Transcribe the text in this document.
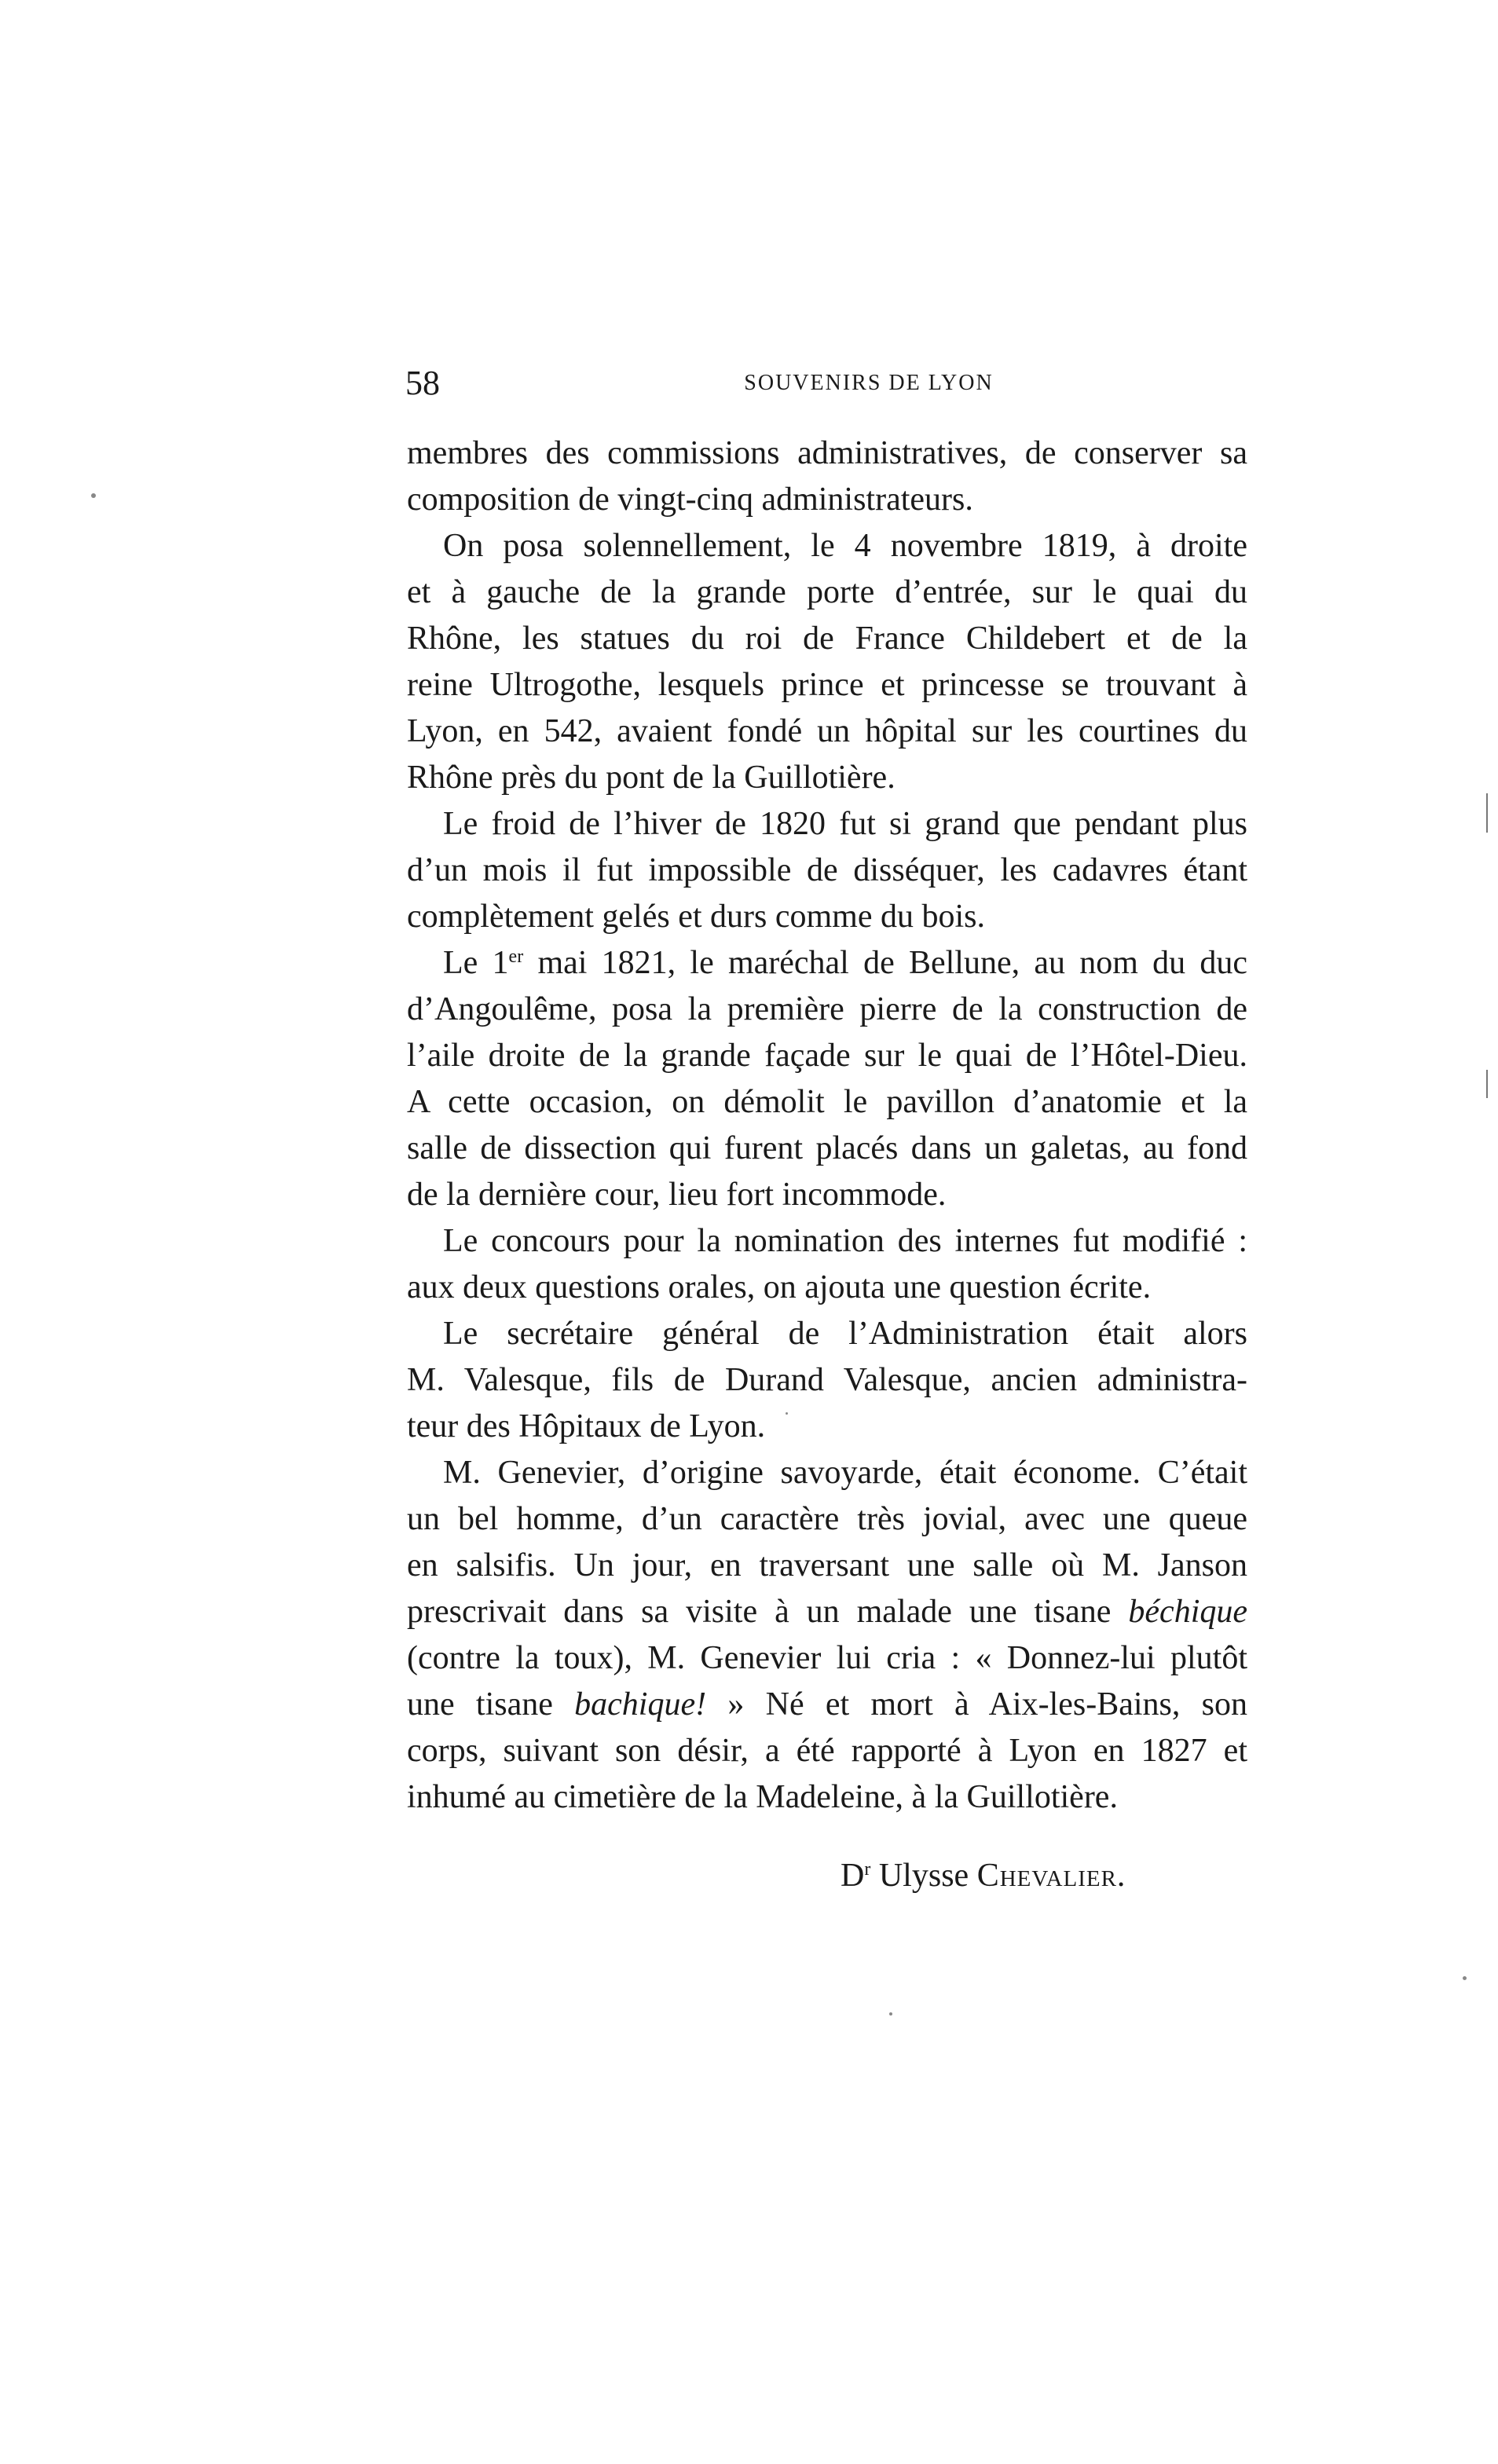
58	SOUVENIRS DE LYON
membres des commissions administratives, de conserver sa
composition de vingt-cinq administrateurs.
On posa solennellement, le 4 novembre 1819, à droite
et à gauche de la grande porte d’entrée, sur le quai du
Rhône, les statues du roi de France Childebert et de la
reine Ultrogothe, lesquels prince et princesse se trouvant à
Lyon, en 542, avaient fondé un hôpital sur les courtines du
Rhône près du pont de la Guillotière.
Le froid de l’hiver de 1820 fut si grand que pendant plus
d’un mois il fut impossible de disséquer, les cadavres étant
complètement gelés et durs comme du bois.
Le 1er mai 1821, le maréchal de Bellune, au nom du duc
d’Angoulême, posa la première pierre de la construction de
l’aile droite de la grande façade sur le quai de l’Hôtel-Dieu.
A cette occasion, on démolit le pavillon d’anatomie et la
salle de dissection qui furent placés dans un galetas, au fond
de la dernière cour, lieu fort incommode.
Le concours pour la nomination des internes fut modifié :
aux deux questions orales, on ajouta une question écrite.
Le secrétaire général de l’Administration était alors
M. Valesque, fils de Durand Valesque, ancien administra-
teur des Hôpitaux de Lyon.
M. Genevier, d’origine savoyarde, était économe. C’était
un bel homme, d’un caractère très jovial, avec une queue
en salsifis. Un jour, en traversant une salle où M. Janson
prescrivait dans sa visite à un malade une tisane béchique
(contre la toux), M. Genevier lui cria : « Donnez-lui plutôt
une tisane bachique! » Né et mort à Aix-les-Bains, son
corps, suivant son désir, a été rapporté à Lyon en 1827 et
inhumé au cimetière de la Madeleine, à la Guillotière.
$D^r$ Ulysse Chevalier.
